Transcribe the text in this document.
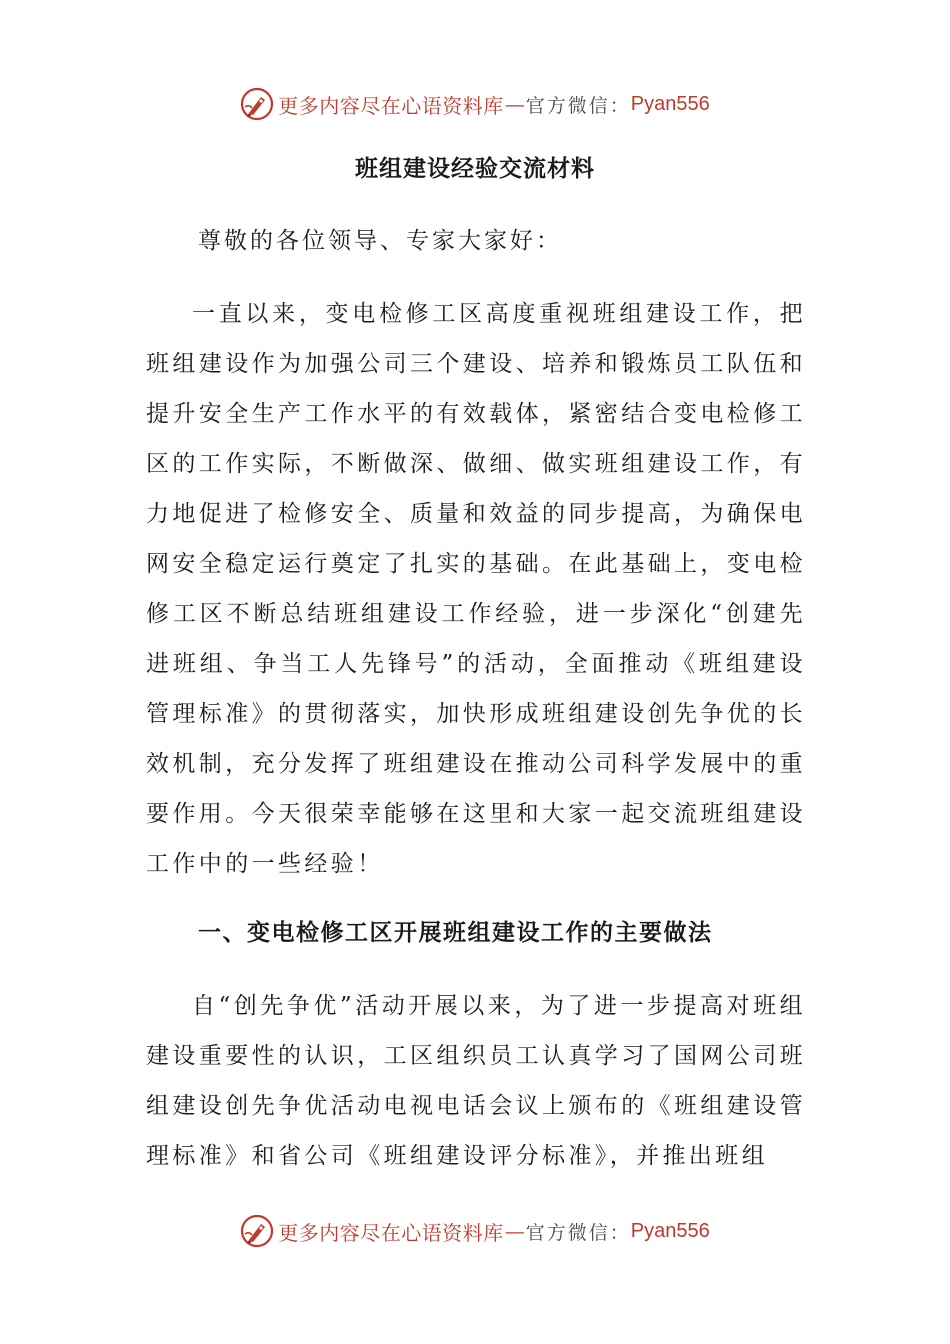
更多内容尽在心语资料库 — 官方微信： Pyan556
班组建设经验交流材料

尊敬的各位领导、专家大家好：

一直以来，变电检修工区高度重视班组建设工作，把班组建设作为加强公司三个建设、培养和锻炼员工队伍和提升安全生产工作水平的有效载体，紧密结合变电检修工区的工作实际，不断做深、做细、做实班组建设工作，有力地促进了检修安全、质量和效益的同步提高，为确保电网安全稳定运行奠定了扎实的基础。在此基础上，变电检修工区不断总结班组建设工作经验，进一步深化“创建先进班组、争当工人先锋号”的活动，全面推动《班组建设管理标准》的贯彻落实，加快形成班组建设创先争优的长效机制，充分发挥了班组建设在推动公司科学发展中的重要作用。今天很荣幸能够在这里和大家一起交流班组建设工作中的一些经验！

一、变电检修工区开展班组建设工作的主要做法

自“创先争优”活动开展以来，为了进一步提高对班组建设重要性的认识，工区组织员工认真学习了国网公司班组建设创先争优活动电视电话会议上颁布的《班组建设管理标准》和省公司《班组建设评分标准》，并推出班组

更多内容尽在心语资料库 — 官方微信： Pyan556
